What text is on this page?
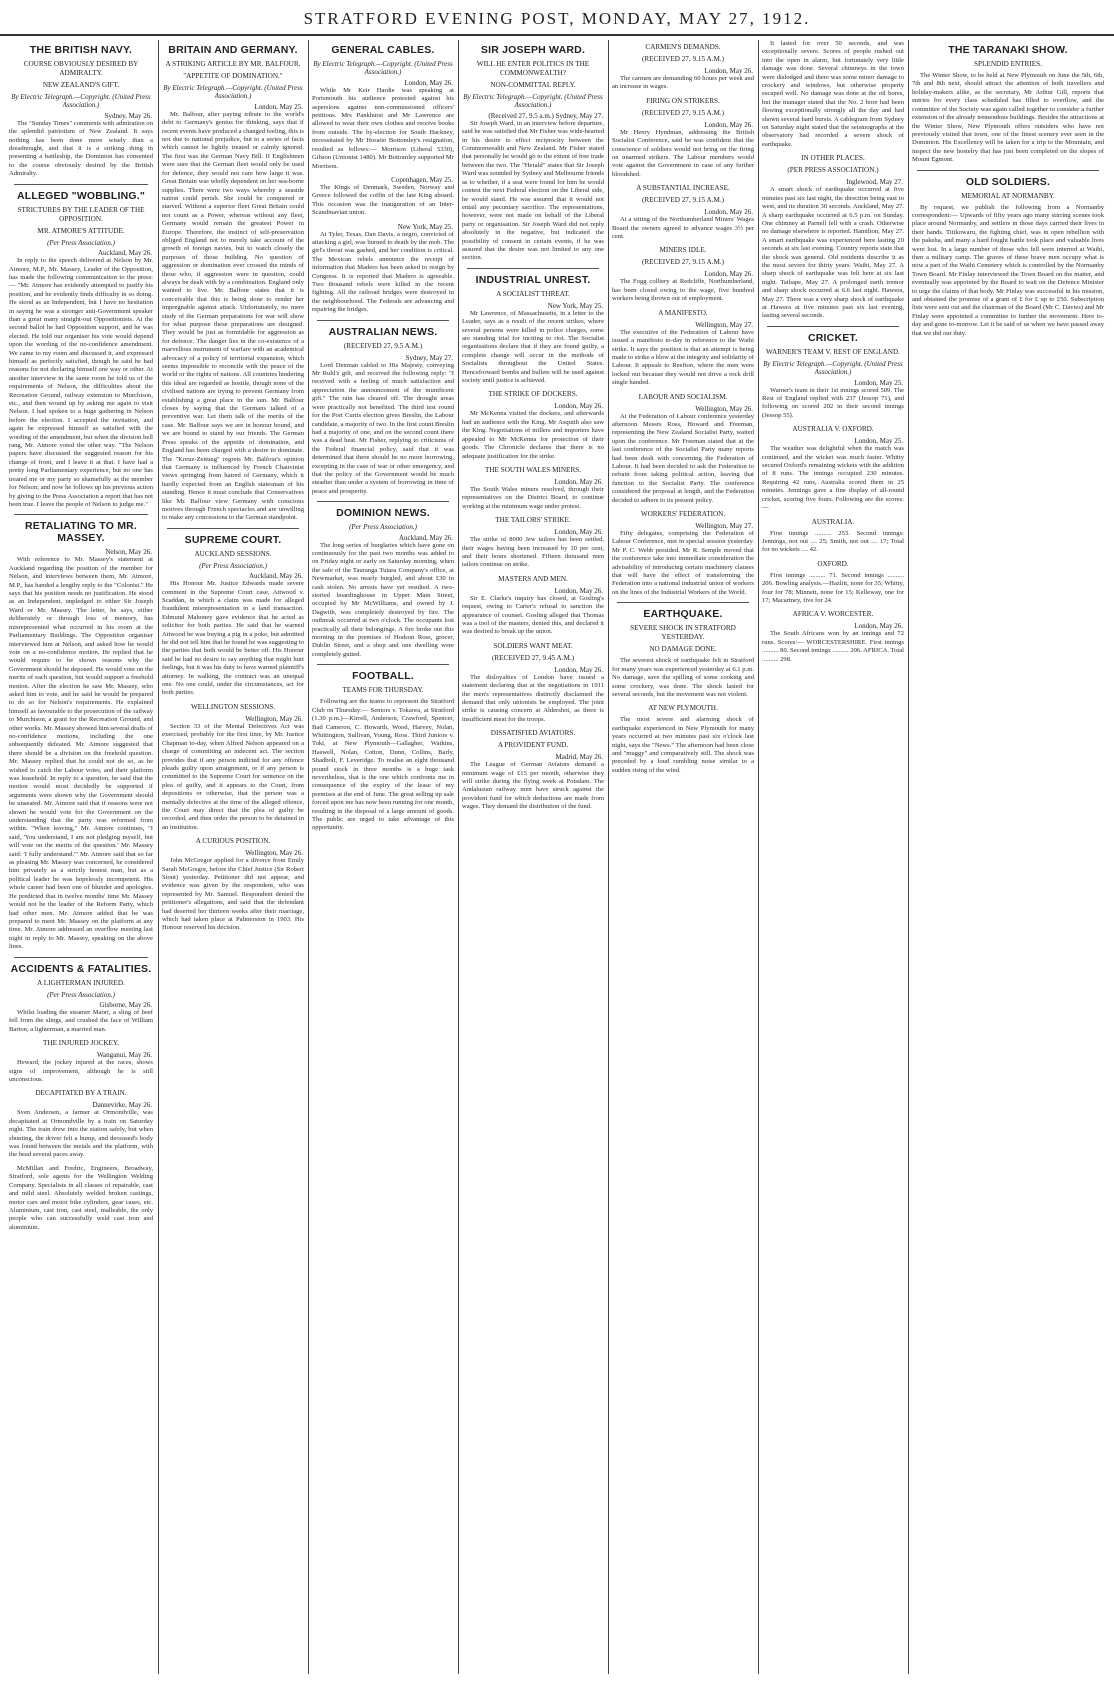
STRATFORD EVENING POST, MONDAY, MAY 27, 1912.
THE BRITISH NAVY.
COURSE OBVIOUSLY DESIRED BY ADMIRALTY.
NEW ZEALAND'S GIFT.
By Electric Telegraph.—Copyright. (United Press Association.)
Sydney, May 26.
The "Sunday Times" comments with admiration on the splendid patriotism of New Zealand. It says nothing has been done more wisely than a dreadnought, and that it is a striking thing in presenting a battleship, the Dominion has consented to the course obviously desired by the British Admiralty.
ALLEGED "WOBBLING."
STRICTURES BY THE LEADER OF THE OPPOSITION.
MR. ATMORE'S ATTITUDE.
(Per Press Association.)
Auckland, May 26.
In reply to the speech delivered at Nelson by Mr. Atmore, M.P., Mr. Massey, Leader of the Opposition, has made the following communication to the press:— "Mr. Atmore has evidently attempted to justify his position, and he evidently finds difficulty in so doing. He stood as an Independent, but I have no hesitation in saying he was a stronger anti-Government speaker than a great many straight-out Oppositionists. At the second ballot he had Opposition support, and he was elected. He told our organiser his vote would depend upon the wording of the no-confidence amendment. We came to my room and discussed it, and expressed himself as perfectly satisfied, though he said he had reasons for not declaring himself one way or other. At another interview in the same room he told us of the requirements of Nelson, the difficulties about the Recreation Ground, railway extension to Murchison, etc., and then wound up by asking me again to visit Nelson. I had spoken to a huge gathering in Nelson before the election. I accepted the invitation, and again he expressed himself as satisfied with the wording of the amendment, but when the division bell rang, Mr. Atmore voted the other way. "The Nelson papers have discussed the suggested reason for his change of front, and I leave it at that. I have had a pretty long Parliamentary experience, but no one has treated me or my party so shamefully as the member for Nelson; and now he follows up his previous action by giving to the Press Association a report that has not been true. I leave the people of Nelson to judge me."
RETALIATING TO MR. MASSEY.
Nelson, May 26.
With reference to Mr. Massey's statement at Auckland regarding the position of the member for Nelson, and interviews between them, Mr. Atmore, M.P., has handed a lengthy reply to the "Colonist." He says that his position needs no justification. He stood as an Independent, unpledged to either Sir Joseph Ward or Mr. Massey. The letter, he says, either deliberately or through loss of memory, has misrepresented what occurred in his room at the Parliamentary Buildings. The Opposition organiser interviewed him at Nelson, and asked how he would vote on a no-confidence motion. He replied that he would require to be shown reasons why the Government should be deposed. He would vote on the merits of each question, but would support a freehold motion. After the election he saw Mr. Massey, who asked him to vote, and he said he would be prepared to do so for Nelson's requirements. He explained himself as favourable to the prosecution of the railway to Murchison, a grant for the Recreation Ground, and other works. Mr. Massey showed him several drafts of no-confidence motions, including the one subsequently defeated. Mr. Atmore suggested that there should be a division on the freehold question. Mr. Massey replied that he could not do so, as he wished to catch the Labour votes, and their platform was leasehold. In reply to a question, he said that the motion would most decidedly be supported if arguments were shown why the Government should be unseated. Mr. Atmore said that if reasons were not shown he would vote for the Government on the understanding that the party was reformed from within. "When leaving," Mr. Atmore continues, "I said, 'You understand, I am not pledging myself, but will vote on the merits of the question.' Mr. Massey said: 'I fully understand.'" Mr. Atmore said that so far as pleasing Mr. Massey was concerned, he considered him privately as a strictly honest man, but as a political leader he was hopelessly incompetent. His whole career had been one of blunder and apologies. He predicted that in twelve months' time Mr. Massey would not be the leader of the Reform Party, which had other men. Mr. Atmore added that he was prepared to meet Mr. Massey on the platform at any time. Mr. Atmore addressed an overflow meeting last night in reply to Mr. Massey, speaking on the above lines.
ACCIDENTS & FATALITIES.
A LIGHTERMAN INJURED.
(Per Press Association.)
Gisborne, May 26.
Whilst loading the steamer Maori, a sling of beef fell from the slings, and crushed the face of William Barton, a lighterman, a married man.
THE INJURED JOCKEY.
Wanganui, May 26.
Heward, the jockey injured at the races, shows signs of improvement, although he is still unconscious.
DECAPITATED BY A TRAIN.
Dannevirke, May 26.
Sven Andersen, a farmer at Ormondville, was decapitated at Ormondville by a train on Saturday night. The train drew into the station safely, but when shunting, the driver felt a bump, and deceased's body was found between the metals and the platform, with the head several paces away.
McMillan and Fredric, Engineers, Broadway, Stratford, sole agents for the Wellington Welding Company. Specialists in all classes of repairable, cast and mild steel. Absolutely welded broken castings, motor cars and motor bike cylinders, gear cases, etc. Aluminium, cast iron, cast steel, malleable, the only people who can successfully weld cast iron and aluminium.
BRITAIN AND GERMANY.
A STRIKING ARTICLE BY MR. BALFOUR.
"APPETITE OF DOMINATION."
By Electric Telegraph.—Copyright. (United Press Association.)
London, May 25.
Mr. Balfour, after paying tribute to the world's debt to Germany's genius for thinking, says that if recent events have produced a changed feeling, this is not due to national prejudice, but to a series of facts which cannot be lightly treated or calmly ignored. The first was the German Navy Bill. If Englishmen were sure that the German fleet would only be used for defence, they would not care how large it was. Great Britain was wholly dependent on her sea-borne supplies. There were two ways whereby a seaside nation could perish. She could be conquered or starved. Without a superior fleet Great Britain could not count as a Power, whereas without any fleet, Germany would remain the greatest Power in Europe. Therefore, the instinct of self-preservation obliged England not to merely take account of the growth of foreign navies, but to watch closely the purposes of those building. No question of aggression or domination ever crossed the minds of those who, if aggression were in question, could always be dealt with by a combination. England only wanted to live. Mr. Balfour states that it is conceivable that this is being done to render her impregnable against attack. Unfortunately, no mere study of the German preparations for war will show for what purpose these preparations are designed. They would be just as formidable for aggression as for defence. The danger lies in the co-existence of a marvellous instrument of warfare with an academical advocacy of a policy of territorial expansion, which seems impossible to reconcile with the peace of the world or the rights of nations. All countries hindering this ideal are regarded as hostile, though none of the civilised nations are trying to prevent Germany from establishing a great place in the sun. Mr. Balfour closes by saying that the Germans talked of a preventive war. Let them talk of the merits of the case. Mr. Balfour says we are in honour bound, and we are bound to stand by our friends. The German Press speaks of the appetite of domination, and England has been charged with a desire to dominate. The "Kreuz-Zeitung" regrets Mr. Balfour's opinion that Germany is influenced by French Chauvinist views springing from hatred of Germany, which it hardly expected from an English statesman of his standing. Hence it must conclude that Conservatives like Mr. Balfour view Germany with conscious motives through French spectacles and are unwilling to make any concessions to the German standpoint.
SUPREME COURT.
AUCKLAND SESSIONS.
(Per Press Association.)
Auckland, May 26.
His Honour Mr. Justice Edwards made severe comment in the Supreme Court case, Attwood v. Scaddan, in which a claim was made for alleged fraudulent misrepresentation in a land transaction. Edmund Mahoney gave evidence that he acted as solicitor for both parties. He said that he warned Attwood he was buying a pig in a poke, but admitted he did not tell him that he found he was suggesting to the parties that both would be better off. His Honour said he had no desire to say anything that might hurt feelings, but it was his duty to have warned plaintiff's attorney. In walking, the contract was an unequal one. No one could, under the circumstances, act for both parties.
WELLINGTON SESSIONS.
Wellington, May 26.
Section 33 of the Mental Defectives Act was exercised, probably for the first time, by Mr. Justice Chapman to-day, when Alfred Nelson appeared on a charge of committing an indecent act. The section provides that if any person indicted for any offence pleads guilty upon arraignment, or if any person is committed to the Supreme Court for sentence on the plea of guilty, and it appears to the Court, from depositions or otherwise, that the person was a mentally defective at the time of the alleged offence, the Court may direct that the plea of guilty be recorded, and then order the person to be detained in an institution.
A CURIOUS POSITION.
Wellington, May 26.
John McGregor applied for a divorce from Emily Sarah McGregor, before the Chief Justice (Sir Robert Stout) yesterday. Petitioner did not appear, and evidence was given by the respondent, who was represented by Mr. Samuel. Respondent denied the petitioner's allegations, and said that the defendant had deserted her thirteen weeks after their marriage, which had taken place at Palmerston in 1903. His Honour reserved his decision.
GENERAL CABLES.
By Electric Telegraph.—Copyright. (United Press Association.)
London, May 26.
While Mr Keir Hardie was speaking at Portsmouth his audience protested against his aspersions against non-commissioned officers' petitions. Mrs Pankhurst and Mr Lawrence are allowed to wear their own clothes and receive books from outside. The by-election for South Hackney, necessitated by Mr Horatio Bottomley's resignation, resulted as follows:— Morrison (Liberal 5330), Gibson (Unionist 1480). Mr Bottomley supported Mr Morrison.
Copenhagen, May 25.
The Kings of Denmark, Sweden, Norway and Greece followed the coffin of the late King aboard. This occasion was the inauguration of an Inter-Scandinavian union.
New York, May 25.
At Tyler, Texas, Dan Davis, a negro, convicted of attacking a girl, was burned to death by the mob. The girl's throat was gashed, and her condition is critical. The Mexican rebels announce the receipt of information that Madero has been asked to resign by Congress. It is reported that Madero is agreeable. Two thousand rebels were killed in the recent fighting. All the railroad bridges were destroyed in the neighbourhood. The Federals are advancing and repairing the bridges.
AUSTRALIAN NEWS.
(RECEIVED 27, 9.5 A.M.)
Sydney, May 27.
Lord Denman cabled to His Majesty, conveying Mr Ruhl's gift, and received the following reply: "I received with a feeling of much satisfaction and appreciation the announcement of the munificent gift." The rain has cleared off. The drought areas were practically not benefited. The third test round for the Port Curtis election gives Breslin, the Labour candidate, a majority of two. In the first count Breslin had a majority of one, and on the second count there was a dead heat. Mr Fisher, replying to criticisms of the Federal financial policy, said that it was determined that there should be no more borrowing, excepting in the case of war or other emergency, and that the policy of the Government would be much steadier than under a system of borrowing in time of peace and prosperity.
DOMINION NEWS.
(Per Press Association.)
Auckland, May 26.
The long series of burglaries which have gone on continuously for the past two months was added to on Friday night or early on Saturday morning, when the safe of the Tauranga Tutara Company's office, at Newmarket, was nearly burgled, and about £30 in cash stolen. No arrests have yet resulted. A two-storied boardinghouse in Upper Main Street, occupied by Mr McWilliams, and owned by J. Dagwith, was completely destroyed by fire. The outbreak occurred at two o'clock. The occupants lost practically all their belongings. A fire broke out this morning in the premises of Hodson Ross, grocer, Dublin Street, and a shop and one dwelling were completely gutted.
FOOTBALL.
TEAMS FOR THURSDAY.
Following are the teams to represent the Stratford Club on Thursday:— Seniors v. Tokaora, at Stratford (1.30 p.m.)—Kirrell, Anderson, Crawford, Spencer, Bad Cameron, C. Howarth, Wood, Harvey, Nolan, Whittington, Sullivan, Young, Ross. Third Juniors v. Toki, at New Plymouth—Gallagher, Watkins, Haswell, Nolan, Cotton, Dunn, Collins, Barly, Shadbolt, F. Leveridge. To realise an eight thousand pound stock in three months is a huge task nevertheless, that is the one which confronts me in consequence of the expiry of the lease of my premises at the end of June. The great selling up sale forced upon me has now been running for one month, resulting in the disposal of a large amount of goods. The public are urged to take advantage of this opportunity.
SIR JOSEPH WARD.
WILL HE ENTER POLITICS IN THE COMMONWEALTH?
NON-COMMITTAL REPLY.
By Electric Telegraph.—Copyright. (United Press Association.)
(Received 27, 9.5 a.m.) Sydney, May 27.
Sir Joseph Ward, in an interview before departure, said he was satisfied that Mr Fisher was wide-hearted in his desire to effect reciprocity between the Commonwealth and New Zealand. Mr Fisher stated that personally he would go to the extent of free trade between the two. The "Herald" states that Sir Joseph Ward was sounded by Sydney and Melbourne friends as to whether, if a seat were found for him he would contest the next Federal election on the Liberal side, he would stand. He was assured that it would not entail any pecuniary sacrifice. The representations, however, were not made on behalf of the Liberal party or organisation. Sir Joseph Ward did not reply absolutely in the negative, but indicated the possibility of consent in certain events, if he was assured that the desire was not limited to any one section.
INDUSTRIAL UNREST.
A SOCIALIST THREAT.
New York, May 25.
Mr Lawrence, of Massachusetts, in a letter to the Leader, says as a result of the recent strikes, where several persons were killed in police charges, some are standing trial for inciting to riot. The Socialist organisations declare that if they are found guilty, a complete change will occur in the methods of Socialists throughout the United States. Henceforward bombs and bullets will be used against society until justice is achieved.
THE STRIKE OF DOCKERS.
London, May 26.
Mr McKenna visited the dockers, and afterwards had an audience with the King. Mr Asquith also saw the King. Negotiations of millers and importers have appealed to Mr McKenna for protection of their goods. The Chronicle declares that there is no adequate justification for the strike.
THE SOUTH WALES MINERS.
London, May 26.
The South Wales miners resolved, through their representatives on the District Board, to continue working at the minimum wage under protest.
THE TAILORS' STRIKE.
London, May 26.
The strike of 8000 Jew tailors has been settled, their wages having been increased by 10 per cent, and their hours shortened. Fifteen thousand men tailors continue on strike.
MASTERS AND MEN.
London, May 26.
Sir E. Clarke's inquiry has closed, at Gosling's request, owing to Carter's refusal to sanction the appearance of counsel. Gosling alleged that Thomas was a tool of the masters, denied this, and declared it was desired to break up the union.
SOLDIERS WANT MEAT.
(RECEIVED 27, 9.45 A.M.)
London, May 26.
The disloyalties of London have issued a statement declaring that at the negotiations in 1911 the men's representatives distinctly disclaimed the demand that only unionists be employed. The joint strike is causing concern at Aldershot, as there is insufficient meat for the troops.
DISSATISFIED AVIATORS.
A PROVIDENT FUND.
Madrid, May 26.
The League of German Aviators demand a minimum wage of £15 per month, otherwise they will strike during the flying week at Potsdam. The Andalusian railway men have struck against the provident fund for which deductions are made from wages. They demand the distribution of the fund.
CARMEN'S DEMANDS.
(RECEIVED 27, 9.15 A.M.)
London, May 26.
The carmen are demanding 60 hours per week and an increase in wages.
FIRING ON STRIKERS.
(RECEIVED 27, 9.15 A.M.)
London, May 26.
Mr Henry Hyndman, addressing the British Socialist Conference, said he was confident that the conscience of soldiers would not bring on the firing on unarmed strikers. The Labour members would vote against the Government in case of any further bloodshed.
A SUBSTANTIAL INCREASE.
(RECEIVED 27, 9.15 A.M.)
London, May 26.
At a sitting of the Northumberland Miners' Wages Board the owners agreed to advance wages 3½ per cent.
MINERS IDLE.
(RECEIVED 27, 9.15 A.M.)
London, May 26.
The Fogg colliery at Redcliffe, Northumberland, has been closed owing to the wage, five hundred workers being thrown out of employment.
A MANIFESTO.
Wellington, May 27.
The executive of the Federation of Labour have issued a manifesto to-day in reference to the Waihi strike. It says the position is that an attempt is being made to strike a blow at the integrity and solidarity of Labour. It appeals to Reefton, where the men were locked out because they would not drive a rock drill single handed.
LABOUR AND SOCIALISM.
Wellington, May 26.
At the Federation of Labour conference yesterday afternoon Messrs Ross, Howard and Freeman, representing the New Zealand Socialist Party, waited upon the conference. Mr Freeman stated that at the last conference of the Socialist Party many reports had been dealt with concerning the Federation of Labour. It had been decided to ask the Federation to refrain from taking political action, leaving that function to the Socialist Party. The conference considered the proposal at length, and the Federation decided to adhere to its present policy.
WORKERS' FEDERATION.
Wellington, May 27.
Fifty delegates, comprising the Federation of Labour Conference, met in special session yesterday. Mr P. C. Webb presided. Mr R. Semple moved that the conference take into immediate consideration the advisability of introducing certain machinery clauses that will have the effect of transforming the Federation into a national industrial union of workers on the lines of the Industrial Workers of the World.
EARTHQUAKE.
SEVERE SHOCK IN STRATFORD YESTERDAY.
NO DAMAGE DONE.
The severest shock of earthquake felt in Stratford for many years was experienced yesterday at 6.1 p.m. No damage, save the spilling of some cooking and some crockery, was done. The shock lasted for several seconds, but the movement was not violent.
AT NEW PLYMOUTH.
The most severe and alarming shock of earthquake experienced in New Plymouth for many years occurred at two minutes past six o'clock last night, says the "News." The afternoon had been close and "muggy" and comparatively still. The shock was preceded by a loud rumbling noise similar to a sudden rising of the wind.
It lasted for over 50 seconds, and was exceptionally severe. Scores of people rushed out into the open in alarm, but fortunately very little damage was done. Several chimneys in the town were dislodged and there was some minor damage to crockery and windows, but otherwise property escaped well. No damage was done at the oil bores, but the manager stated that the No. 2 bore had been flowing exceptionally strongly all the day and had shown several hard bursts. A cablegram from Sydney on Saturday night stated that the seismographs at the observatory had recorded a severe shock of earthquake.
IN OTHER PLACES.
(PER PRESS ASSOCIATION.)
Inglewood, May 27.
A smart shock of earthquake occurred at five minutes past six last night, the direction being east to west, and its duration 30 seconds. Auckland, May 27. A sharp earthquake occurred at 6.5 p.m. on Sunday. One chimney at Parnell fell with a crash. Otherwise no damage elsewhere is reported. Hamilton, May 27. A smart earthquake was experienced here lasting 20 seconds at six last evening. Country reports state that the shock was general. Old residents describe it as the most severe for thirty years. Waihi, May 27. A sharp shock of earthquake was felt here at six last night. Taihape, May 27. A prolonged earth tremor and sharp shock occurred at 6.6 last night. Hawera, May 27. There was a very sharp shock of earthquake at Hawera at five minutes past six last evening, lasting several seconds.
CRICKET.
WARNER'S TEAM V. REST OF ENGLAND.
By Electric Telegraph.—Copyright. (United Press Association.)
London, May 25.
Warner's team in their 1st innings scored 509. The Rest of England replied with 237 (Jessop 71), and following on scored 202 in their second innings (Jessop 55).
AUSTRALIA V. OXFORD.
London, May 25.
The weather was delightful when the match was continued, and the wicket was much faster. Whitty secured Oxford's remaining wickets with the addition of 8 runs. The innings occupied 230 minutes. Requiring 42 runs, Australia scored them in 25 minutes. Jennings gave a fine display of all-round cricket, scoring five fours. Following are the scores:—
AUSTRALIA.
First innings .......... 253. Second innings: Jennings, not out .... 25; Smith, not out .... 17; Total for no wickets .... 42.
OXFORD.
First innings .......... 71. Second innings .......... 206. Bowling analysis.—Hazlitt, none for 35; Whitty, four for 78; Minnett, none for 15; Kelleway, one for 17; Macartney, five for 24.
AFRICA V. WORCESTER.
London, May 26.
The South Africans won by an innings and 72 runs. Scores:— WORCESTERSHIRE. First innings .......... 80. Second innings .......... 206. AFRICA. Total .......... 298.
THE TARANAKI SHOW.
SPLENDID ENTRIES.
The Winter Show, to be held at New Plymouth on June the 5th, 6th, 7th and 8th next, should attract the attention of both travellers and holiday-makers alike, as the secretary, Mr Arthur Gill, reports that entries for every class scheduled has filled to overflow, and the committee of the Society was again called together to consider a further extension of the already tremendous buildings. Besides the attractions at the Winter Show, New Plymouth offers outsiders who have not previously visited that town, one of the finest scenery ever seen in the Dominion. His Excellency will be taken for a trip to the Mountain, and inspect the new hostelry that has just been completed on the slopes of Mount Egmont.
OLD SOLDIERS.
MEMORIAL AT NORMANBY.
By request, we publish the following from a Normanby correspondent:— Upwards of fifty years ago many stirring scenes took place around Normanby, and settlers in those days carried their lives in their hands. Titikowaru, the fighting chief, was in open rebellion with the pakeha, and many a hard fought battle took place and valuable lives were lost. In a large number of those who fell were interred at Waihi, then a military camp. The graves of these brave men occupy what is now a part of the Waihi Cemetery which is controlled by the Normanby Town Board. Mr Finlay interviewed the Town Board on the matter, and eventually was appointed by the Board to wait on the Defence Minister to urge the claims of that body. Mr Finlay was successful in his mission, and obtained the promise of a grant of £ for £ up to £50. Subscription lists were sent out and the chairman of the Board (Mr C. Davies) and Mr Finlay were appointed a committee to further the movement. Here to-day and gone to-morrow. Let it be said of us when we have passed away that we did our duty.
